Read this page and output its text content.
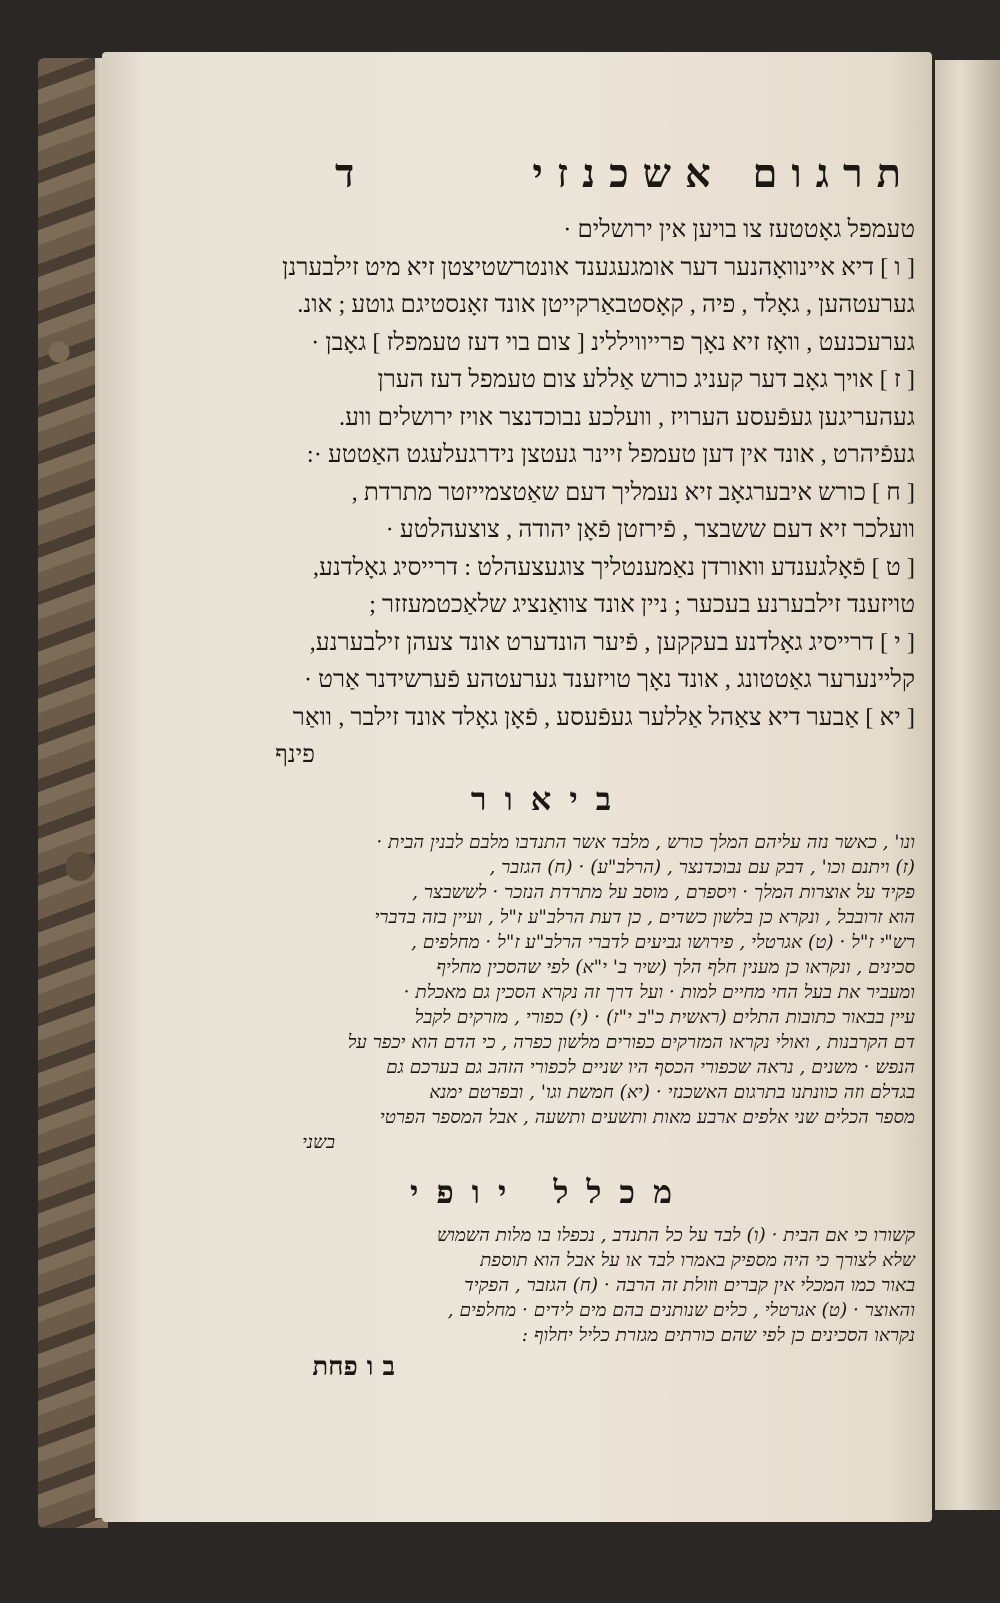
תרגום אשכנזי
ד

טעמפל גאָטטעז צו בויען אין ירושלים ·

[ ו ] דיא איינוואָהנער דער אומגעגענד אונטרשטיצטן זיא מיט זילבערנן

גערעטהען , גאָלד , פיה , קאָסטבאַרקייטן אונד זאָנסטיגם גוטע ; אונ.

גערעכנעט , וואָז זיא נאָך פרייוויללינ [ צום בוי דעז טעמפלז ] גאָבן ·

[ ז ] אויך גאָב דער קעניג כורש אַללע צום טעמפל דעז הערן

געהעריגען געפֿעסע הערויז , וועלכע נבוכדנצר אויז ירושלים ווע.

געפֿיהרט , אונד אין דען טעמפל זיינר געטצן נידרגעלעגט האַטטע ·:

[ ח ] כורש איבערגאָב זיא נעמליך דעם שאַטצמייזטר מתרדת ,

וועלכר זיא דעם ששבצר , פֿירזטן פֿאָן יהודה , צוצעהלטע ·

[ ט ] פֿאָלגענדע וואורדן נאַמענטליך צוגעצעהלט : דרייסיג גאָלדנע,

טויזענד זילבערנע בעכער ; ניין אונד צוואַנציג שלאַכטמעזזר ;

[ י ] דרייסיג גאָלדנע בעקקען , פֿיער הונדערט אונד צעהן זילבערנע,

קליינערער גאַטטונג , אונד נאָך טויזענד גערעטהע פֿערשידנר אַרט ·

[ יא ] אַבער דיא צאַהל אַללער געפֿעסע , פֿאָן גאָלד אונד זילבר , וואַר

פינף

ביאור

ונו' , כאשר נזה עליהם המלך כורש , מלבד אשר התנדבו מלבם לבנין הבית ·

(ז) ויתנם וכו' , דבק עם נבוכדנצר , (הרלב"ע) · (ח) הגזבר ,

פקיד על אוצרות המלך · ויספרם , מוסב על מתרדת הנזכר · לששבצר ,

הוא זרובבל , ונקרא כן בלשון כשדים , כן דעת הרלב"ע ז"ל , ועיין בזה בדברי

רש"י ז"ל · (ט) אגרטלי , פירושו גביעים לדברי הרלב"ע ז"ל · מחלפים ,

סכינים , ונקראו כן מענין חלף הלך (שיר ב' י"א) לפי שהסכין מחליף

ומעביר את בעל החי מחיים למות · ועל דרך זה נקרא הסכין גם מאכלת ·

עיין בבאור כתובות התלים (ראשית כ"ב י"ז) · (י) כפורי , מזרקים לקבל

דם הקרבנות , ואולי נקראו המזרקים כפורים מלשון כפרה , כי הדם הוא יכפר על

הנפש · משנים , נראה שכפורי הכסף היו שניים לכפורי הזהב גם בערכם גם

בגדלם וזה כוונתנו בתרגום האשכנזי · (יא) חמשת וגו' , ובפרטם ימנא

מספר הכלים שני אלפים ארבע מאות ותשעים ותשעה , אבל המספר הפרטי

בשני

מכלל יופי

קשורו כי אם הבית · (ו) לבד על כל התנדב , נכפלו בו מלות השמוש

שלא לצורך כי היה מספיק באמרו לבד או על אבל הוא תוספת

באור כמו המכלי אין קברים וזולת זה הרבה · (ח) הגזבר , הפקיד

והאוצר · (ט) אגרטלי , כלים שנותנים בהם מים לידים · מחלפים ,

נקראו הסכינים כן לפי שהם כורתים מגזרת כליל יחלוף :

ב ו פחת
